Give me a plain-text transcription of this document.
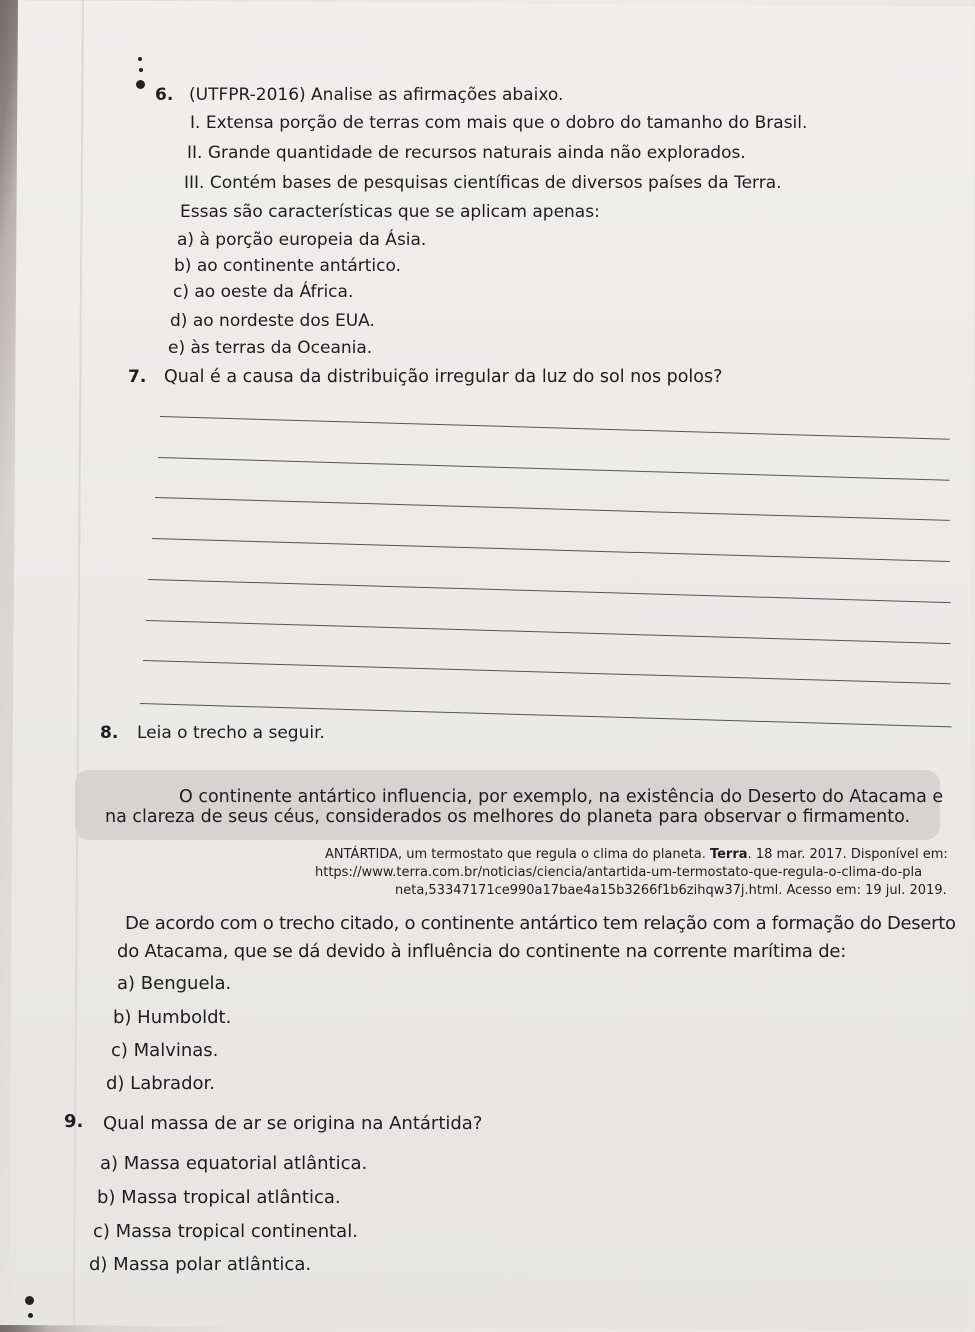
6. (UTFPR-2016) Analise as afirmações abaixo.
I. Extensa porção de terras com mais que o dobro do tamanho do Brasil.
II. Grande quantidade de recursos naturais ainda não explorados.
III. Contém bases de pesquisas científicas de diversos países da Terra.
Essas são características que se aplicam apenas:
a) à porção europeia da Ásia.
b) ao continente antártico.
c) ao oeste da África.
d) ao nordeste dos EUA.
e) às terras da Oceania.
7. Qual é a causa da distribuição irregular da luz do sol nos polos?
8. Leia o trecho a seguir.
O continente antártico influencia, por exemplo, na existência do Deserto do Atacama e
na clareza de seus céus, considerados os melhores do planeta para observar o firmamento.
ANTÁRTIDA, um termostato que regula o clima do planeta. Terra. 18 mar. 2017. Disponível em:
https://www.terra.com.br/noticias/ciencia/antartida-um-termostato-que-regula-o-clima-do-pla
neta,53347171ce990a17bae4a15b3266f1b6zihqw37j.html. Acesso em: 19 jul. 2019.
De acordo com o trecho citado, o continente antártico tem relação com a formação do Deserto
do Atacama, que se dá devido à influência do continente na corrente marítima de:
a) Benguela.
b) Humboldt.
c) Malvinas.
d) Labrador.
9. Qual massa de ar se origina na Antártida?
a) Massa equatorial atlântica.
b) Massa tropical atlântica.
c) Massa tropical continental.
d) Massa polar atlântica.
